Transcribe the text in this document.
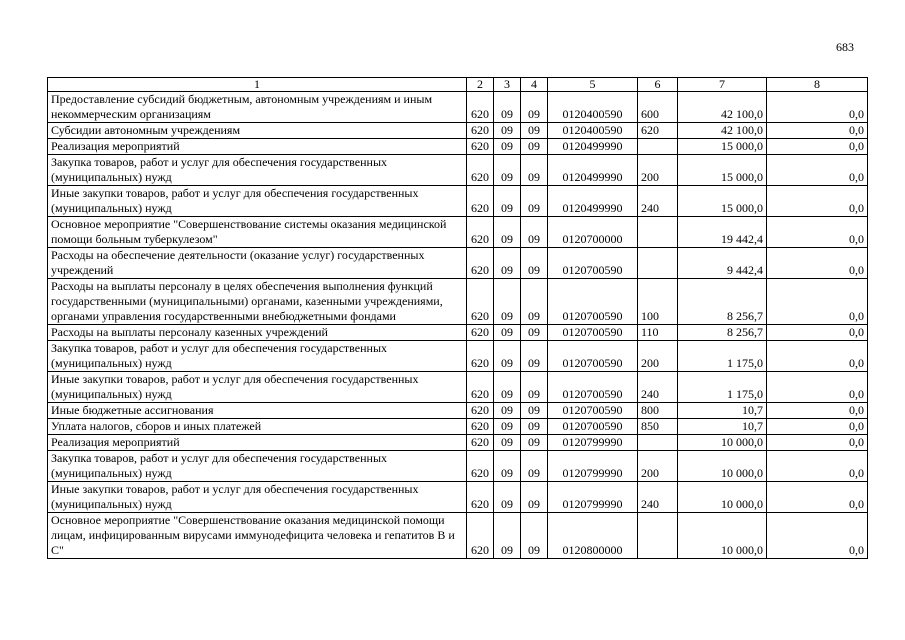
683
1	2	3	4	5	6	7	8
Предоставление субсидий бюджетным, автономным учреждениям и иным некоммерческим организациям	620	09	09	0120400590	600	42 100,0	0,0
Субсидии автономным учреждениям	620	09	09	0120400590	620	42 100,0	0,0
Реализация мероприятий	620	09	09	0120499990		15 000,0	0,0
Закупка товаров, работ и услуг для обеспечения государственных (муниципальных) нужд	620	09	09	0120499990	200	15 000,0	0,0
Иные закупки товаров, работ и услуг для обеспечения государственных (муниципальных) нужд	620	09	09	0120499990	240	15 000,0	0,0
Основное мероприятие "Совершенствование системы оказания медицинской помощи больным туберкулезом"	620	09	09	0120700000		19 442,4	0,0
Расходы на обеспечение деятельности (оказание услуг) государственных учреждений	620	09	09	0120700590		9 442,4	0,0
Расходы на выплаты персоналу в целях обеспечения выполнения функций государственными (муниципальными) органами, казенными учреждениями, органами управления государственными внебюджетными фондами	620	09	09	0120700590	100	8 256,7	0,0
Расходы на выплаты персоналу казенных учреждений	620	09	09	0120700590	110	8 256,7	0,0
Закупка товаров, работ и услуг для обеспечения государственных (муниципальных) нужд	620	09	09	0120700590	200	1 175,0	0,0
Иные закупки товаров, работ и услуг для обеспечения государственных (муниципальных) нужд	620	09	09	0120700590	240	1 175,0	0,0
Иные бюджетные ассигнования	620	09	09	0120700590	800	10,7	0,0
Уплата налогов, сборов и иных платежей	620	09	09	0120700590	850	10,7	0,0
Реализация мероприятий	620	09	09	0120799990		10 000,0	0,0
Закупка товаров, работ и услуг для обеспечения государственных (муниципальных) нужд	620	09	09	0120799990	200	10 000,0	0,0
Иные закупки товаров, работ и услуг для обеспечения государственных (муниципальных) нужд	620	09	09	0120799990	240	10 000,0	0,0
Основное мероприятие "Совершенствование оказания медицинской помощи лицам, инфицированным вирусами иммунодефицита человека и гепатитов В и С"	620	09	09	0120800000		10 000,0	0,0
